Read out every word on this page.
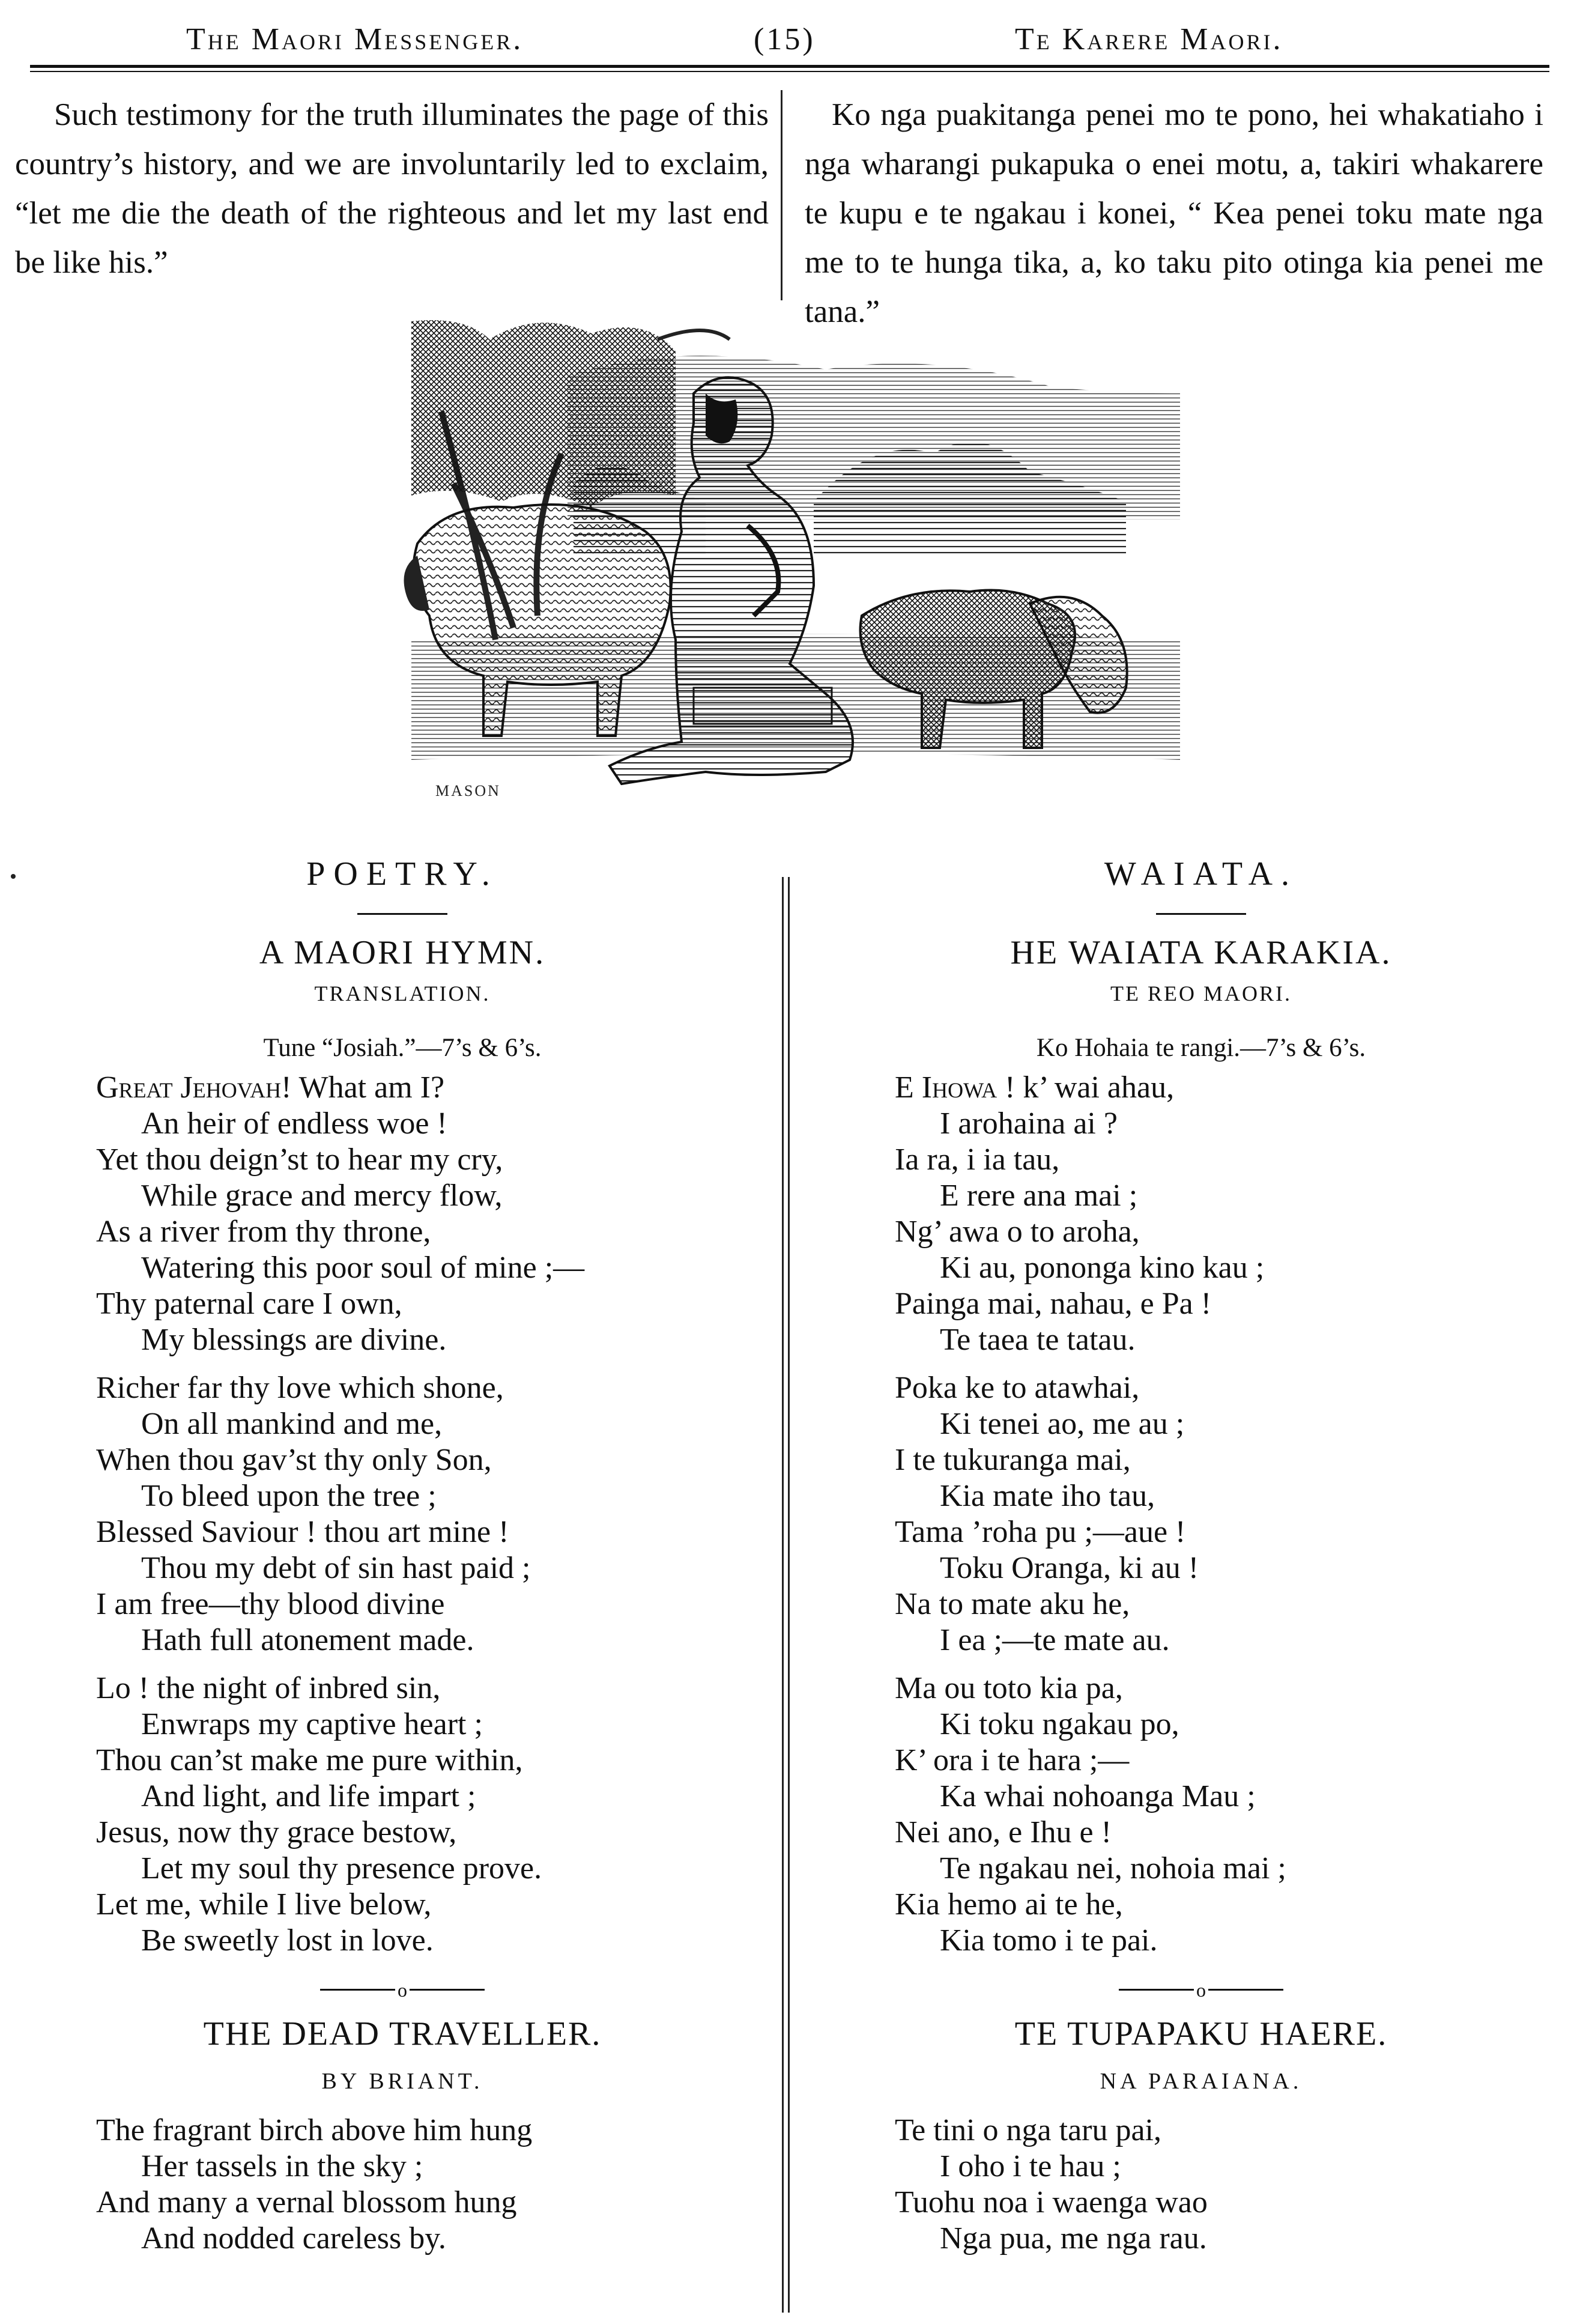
The Maori Messenger.	(15)	Te Karere Maori.

Such testimony for the truth illuminates the page of this country’s history, and we are involuntarily led to exclaim, “let me die the death of the righteous and let my last end be like his.”

Ko nga puakitanga penei mo te pono, hei whakatiaho i nga wharangi pukapuka o enei motu, a, takiri whakarere te kupu e te ngakau i konei, “ Kea penei toku mate nga me to te hunga tika, a, ko taku pito otinga kia penei me tana.”

MASON

POETRY.

A MAORI HYMN.

TRANSLATION.

Tune “Josiah.”—7’s & 6’s.

Great Jehovah! What am I?
An heir of endless woe !
Yet thou deign’st to hear my cry,
While grace and mercy flow,
As a river from thy throne,
Watering this poor soul of mine ;—
Thy paternal care I own,
My blessings are divine.
Richer far thy love which shone,
On all mankind and me,
When thou gav’st thy only Son,
To bleed upon the tree ;
Blessed Saviour ! thou art mine !
Thou my debt of sin hast paid ;
I am free—thy blood divine
Hath full atonement made.
Lo ! the night of inbred sin,
Enwraps my captive heart ;
Thou can’st make me pure within,
And light, and life impart ;
Jesus, now thy grace bestow,
Let my soul thy presence prove.
Let me, while I live below,
Be sweetly lost in love.
o

THE DEAD TRAVELLER.

BY BRIANT.

The fragrant birch above him hung
Her tassels in the sky ;
And many a vernal blossom hung
And nodded careless by.

WAIATA.

HE WAIATA KARAKIA.

TE REO MAORI.

Ko Hohaia te rangi.—7’s & 6’s.

E Ihowa ! k’ wai ahau,
I arohaina ai ?
Ia ra, i ia tau,
E rere ana mai ;
Ng’ awa o to aroha,
Ki au, pononga kino kau ;
Painga mai, nahau, e Pa !
Te taea te tatau.
Poka ke to atawhai,
Ki tenei ao, me au ;
I te tukuranga mai,
Kia mate iho tau,
Tama ’roha pu ;—aue !
Toku Oranga, ki au !
Na to mate aku he,
I ea ;—te mate au.
Ma ou toto kia pa,
Ki toku ngakau po,
K’ ora i te hara ;—
Ka whai nohoanga Mau ;
Nei ano, e Ihu e !
Te ngakau nei, nohoia mai ;
Kia hemo ai te he,
Kia tomo i te pai.
o

TE TUPAPAKU HAERE.

NA PARAIANA.

Te tini o nga taru pai,
I oho i te hau ;
Tuohu noa i waenga wao
Nga pua, me nga rau.
